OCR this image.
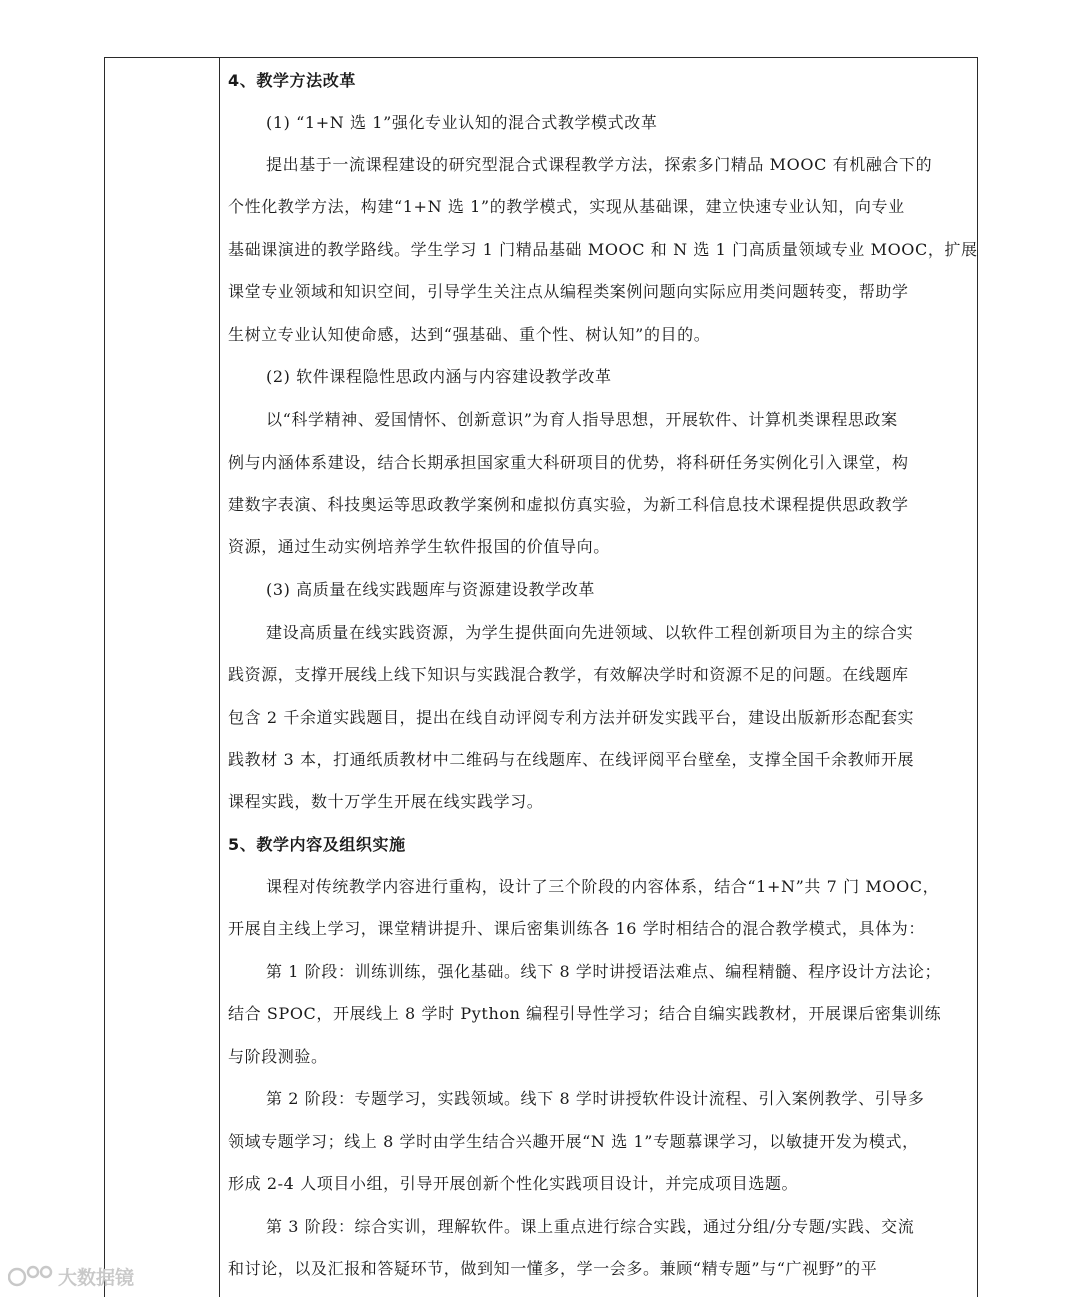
4、教学方法改革
(1) “1+N 选 1”强化专业认知的混合式教学模式改革
提出基于一流课程建设的研究型混合式课程教学方法，探索多门精品 MOOC 有机融合下的
个性化教学方法，构建“1+N 选 1”的教学模式，实现从基础课，建立快速专业认知，向专业
基础课演进的教学路线。学生学习 1 门精品基础 MOOC 和 N 选 1 门高质量领域专业 MOOC，扩展
课堂专业领域和知识空间，引导学生关注点从编程类案例问题向实际应用类问题转变，帮助学
生树立专业认知使命感，达到“强基础、重个性、树认知”的目的。
(2) 软件课程隐性思政内涵与内容建设教学改革
以“科学精神、爱国情怀、创新意识”为育人指导思想，开展软件、计算机类课程思政案
例与内涵体系建设，结合长期承担国家重大科研项目的优势，将科研任务实例化引入课堂，构
建数字表演、科技奥运等思政教学案例和虚拟仿真实验，为新工科信息技术课程提供思政教学
资源，通过生动实例培养学生软件报国的价值导向。
(3) 高质量在线实践题库与资源建设教学改革
建设高质量在线实践资源，为学生提供面向先进领域、以软件工程创新项目为主的综合实
践资源，支撑开展线上线下知识与实践混合教学，有效解决学时和资源不足的问题。在线题库
包含 2 千余道实践题目，提出在线自动评阅专利方法并研发实践平台，建设出版新形态配套实
践教材 3 本，打通纸质教材中二维码与在线题库、在线评阅平台壁垒，支撑全国千余教师开展
课程实践，数十万学生开展在线实践学习。
5、教学内容及组织实施
课程对传统教学内容进行重构，设计了三个阶段的内容体系，结合“1+N”共 7 门 MOOC，
开展自主线上学习，课堂精讲提升、课后密集训练各 16 学时相结合的混合教学模式，具体为：
第 1 阶段：训练训练，强化基础。线下 8 学时讲授语法难点、编程精髓、程序设计方法论；
结合 SPOC，开展线上 8 学时 Python 编程引导性学习；结合自编实践教材，开展课后密集训练
与阶段测验。
第 2 阶段：专题学习，实践领域。线下 8 学时讲授软件设计流程、引入案例教学、引导多
领域专题学习；线上 8 学时由学生结合兴趣开展“N 选 1”专题慕课学习，以敏捷开发为模式，
形成 2-4 人项目小组，引导开展创新个性化实践项目设计，并完成项目选题。
第 3 阶段：综合实训，理解软件。课上重点进行综合实践，通过分组/分专题/实践、交流
和讨论，以及汇报和答疑环节，做到知一懂多，学一会多。兼顾“精专题”与“广视野”的平
大数据镜
